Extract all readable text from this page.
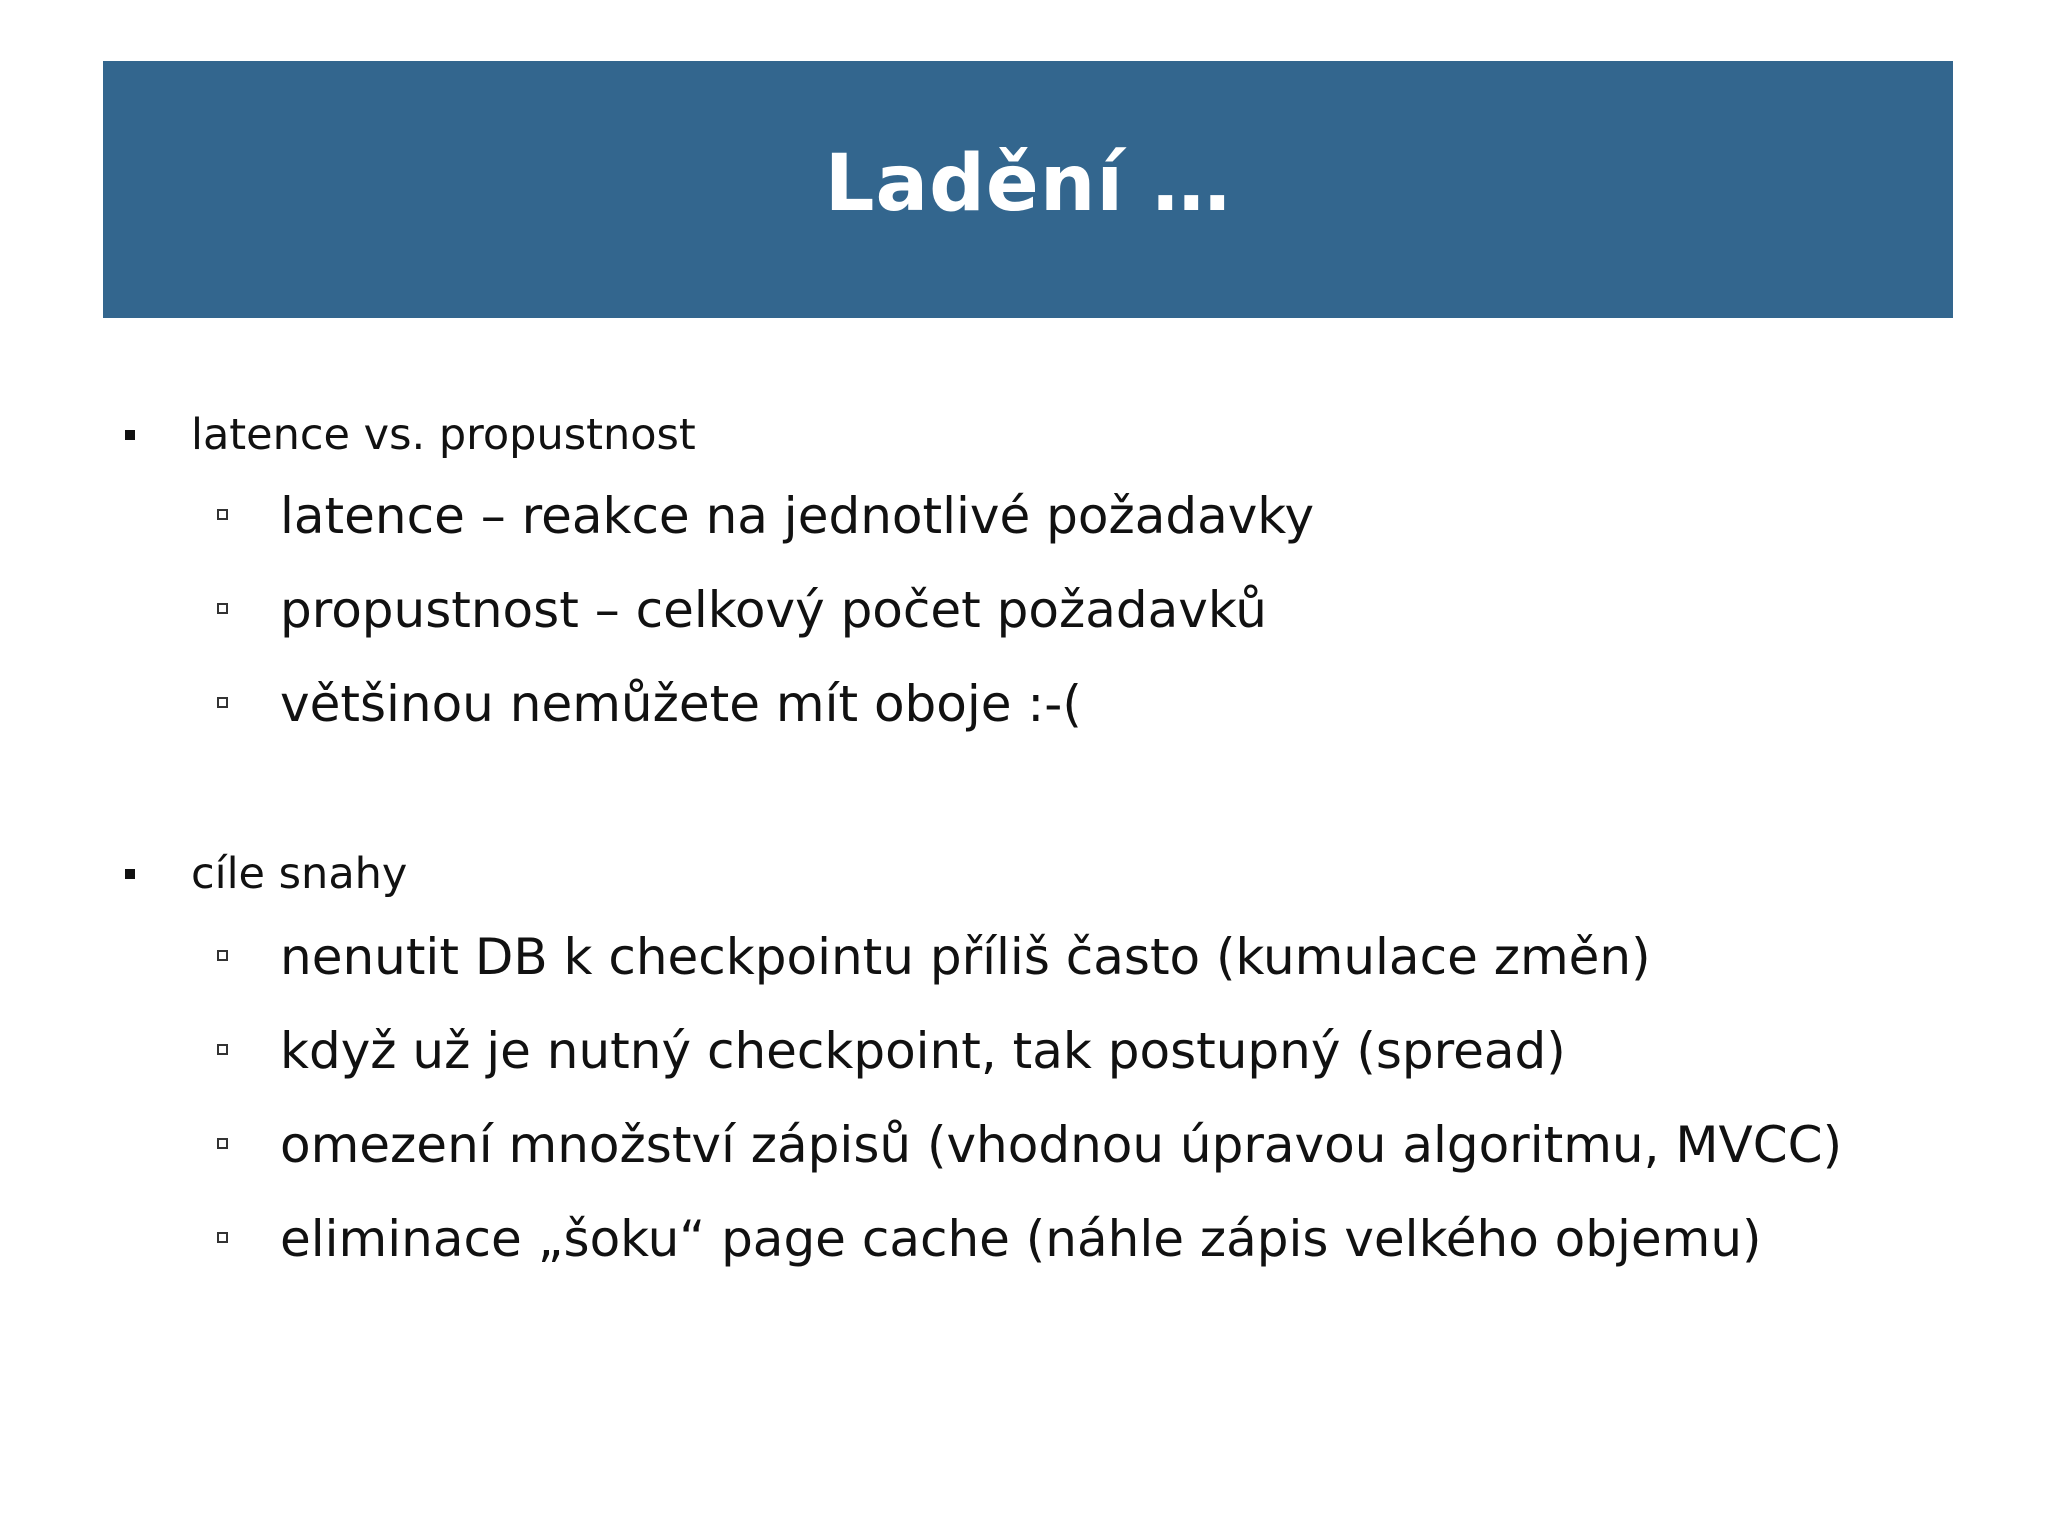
Ladění …
latence vs. propustnost
latence – reakce na jednotlivé požadavky
propustnost – celkový počet požadavků
většinou nemůžete mít oboje :-(
cíle snahy
nenutit DB k checkpointu příliš často (kumulace změn)
když už je nutný checkpoint, tak postupný (spread)
omezení množství zápisů (vhodnou úpravou algoritmu, MVCC)
eliminace „šoku“ page cache (náhle zápis velkého objemu)
